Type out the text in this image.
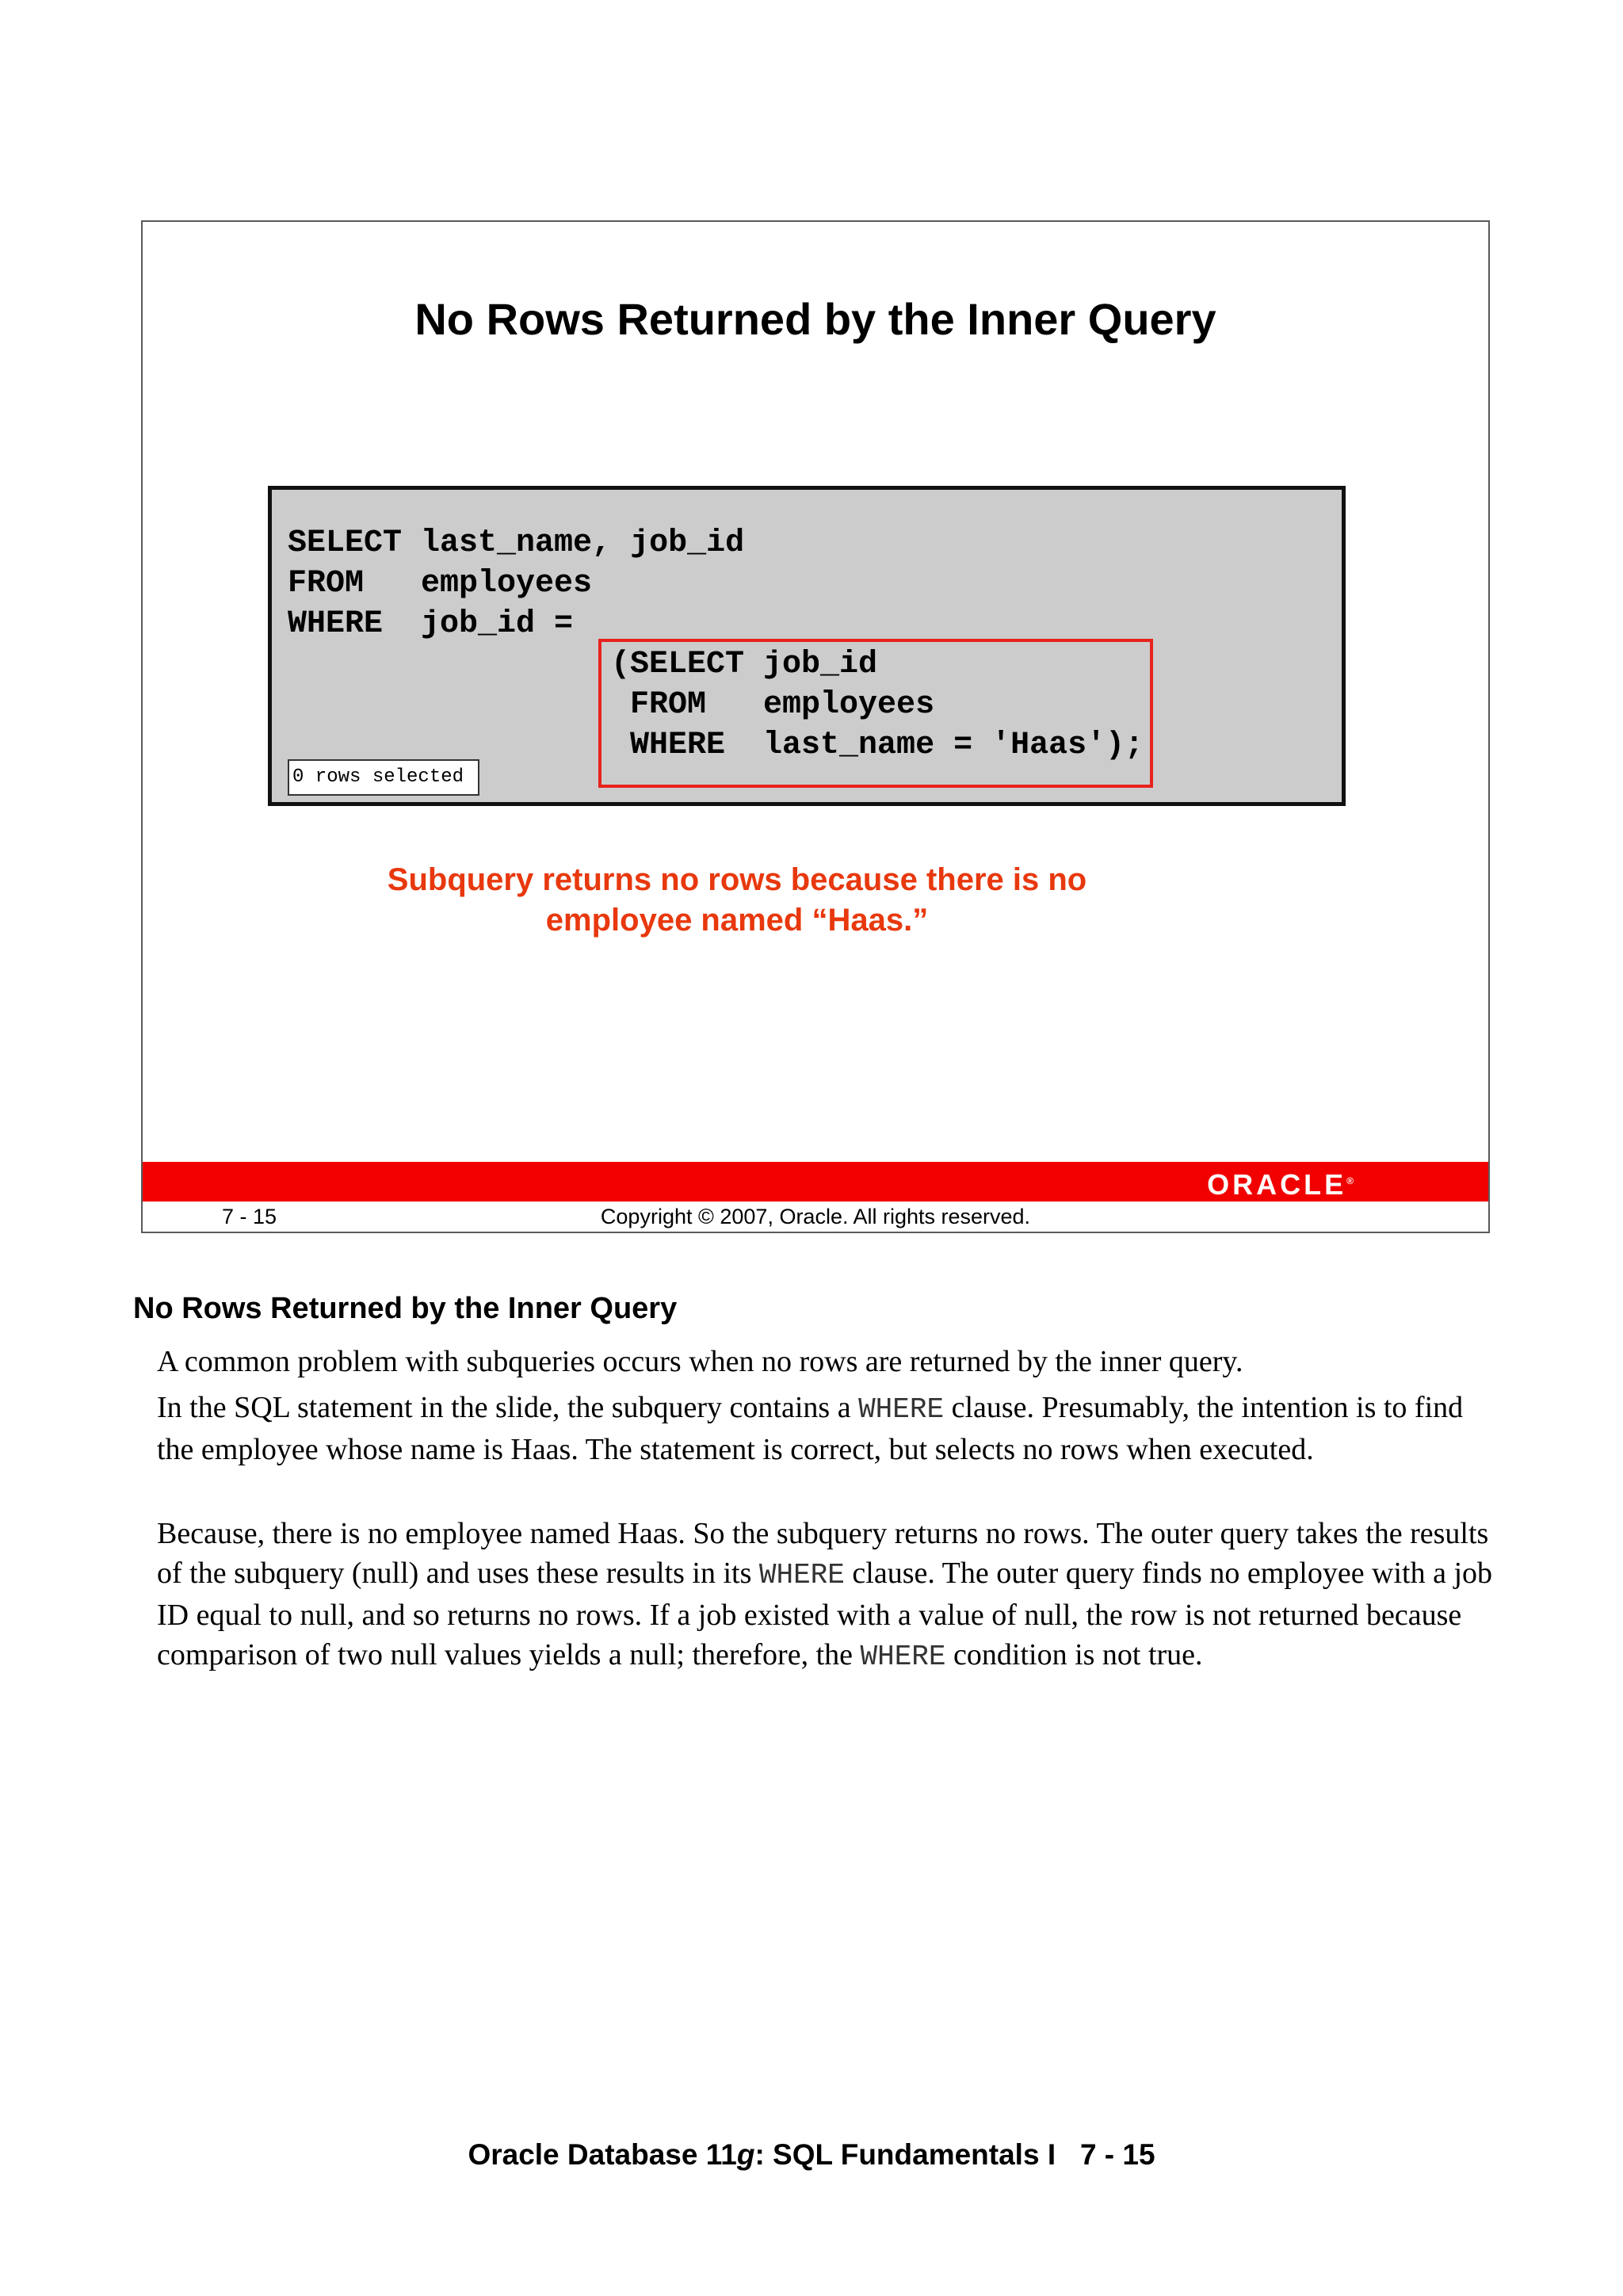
No Rows Returned by the Inner Query
SELECT last_name, job_id
FROM   employees
WHERE  job_id =
(SELECT job_id
FROM   employees
WHERE  last_name = 'Haas');
0 rows selected

Subquery returns no rows because there is no
employee named “Haas.”

ORACLE®
7 - 15	Copyright © 2007, Oracle. All rights reserved.
No Rows Returned by the Inner Query

A common problem with subqueries occurs when no rows are returned by the inner query.

In the SQL statement in the slide, the subquery contains a WHERE clause. Presumably, the intention is to find the employee whose name is Haas. The statement is correct, but selects no rows when executed.

Because, there is no employee named Haas. So the subquery returns no rows. The outer query takes the results of the subquery (null) and uses these results in its WHERE clause. The outer query finds no employee with a job ID equal to null, and so returns no rows. If a job existed with a value of null, the row is not returned because comparison of two null values yields a null; therefore, the WHERE condition is not true.

Oracle Database 11g: SQL Fundamentals I   7 - 15
